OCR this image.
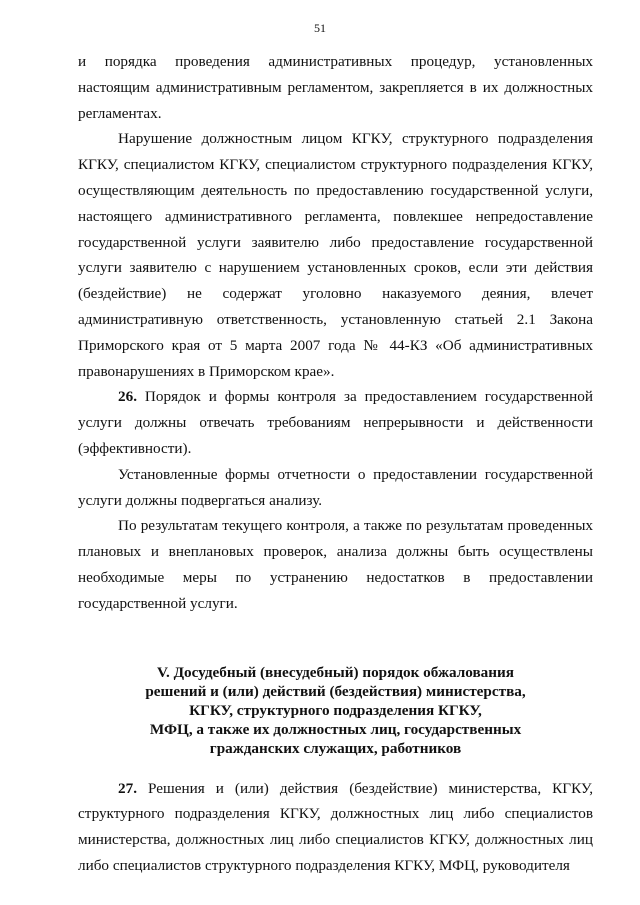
51

и порядка проведения административных процедур, установленных настоящим административным регламентом, закрепляется в их должностных регламентах.

Нарушение должностным лицом КГКУ, структурного подразделения КГКУ, специалистом КГКУ, специалистом структурного подразделения КГКУ, осуществляющим деятельность по предоставлению государственной услуги, настоящего административного регламента, повлекшее непредоставление государственной услуги заявителю либо предоставление государственной услуги заявителю с нарушением установленных сроков, если эти действия (бездействие) не содержат уголовно наказуемого деяния, влечет административную ответственность, установленную статьей 2.1 Закона Приморского края от 5 марта 2007 года № 44-КЗ «Об административных правонарушениях в Приморском крае».

26. Порядок и формы контроля за предоставлением государственной услуги должны отвечать требованиям непрерывности и действенности (эффективности).

Установленные формы отчетности о предоставлении государственной услуги должны подвергаться анализу.

По результатам текущего контроля, а также по результатам проведенных плановых и внеплановых проверок, анализа должны быть осуществлены необходимые меры по устранению недостатков в предоставлении государственной услуги.

V. Досудебный (внесудебный) порядок обжалования
решений и (или) действий (бездействия) министерства,
КГКУ, структурного подразделения КГКУ,
МФЦ, а также их должностных лиц, государственных
гражданских служащих, работников

27. Решения и (или) действия (бездействие) министерства, КГКУ, структурного подразделения КГКУ, должностных лиц либо специалистов министерства, должностных лиц либо специалистов КГКУ, должностных лиц либо специалистов структурного подразделения КГКУ, МФЦ, руководителя
